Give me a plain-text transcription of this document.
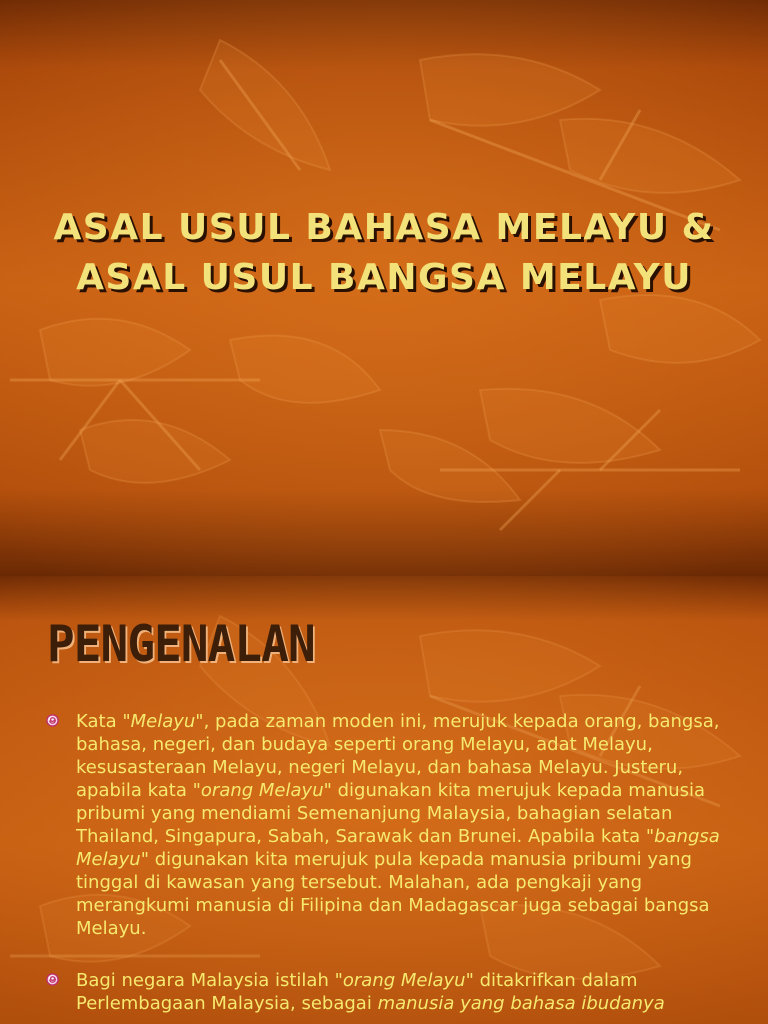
ASAL USUL BAHASA MELAYU &
ASAL USUL BANGSA MELAYU
PENGENALAN

Kata "Melayu", pada zaman moden ini, merujuk kepada orang, bangsa, bahasa, negeri, dan budaya seperti orang Melayu, adat Melayu, kesusasteraan Melayu, negeri Melayu, dan bahasa Melayu. Justeru, apabila kata "orang Melayu" digunakan kita merujuk kepada manusia pribumi yang mendiami Semenanjung Malaysia, bahagian selatan Thailand, Singapura, Sabah, Sarawak dan Brunei. Apabila kata "bangsa Melayu" digunakan kita merujuk pula kepada manusia pribumi yang tinggal di kawasan yang tersebut. Malahan, ada pengkaji yang merangkumi manusia di Filipina dan Madagascar juga sebagai bangsa Melayu.

Bagi negara Malaysia istilah "orang Melayu" ditakrifkan dalam Perlembagaan Malaysia, sebagai manusia yang bahasa ibudanya
